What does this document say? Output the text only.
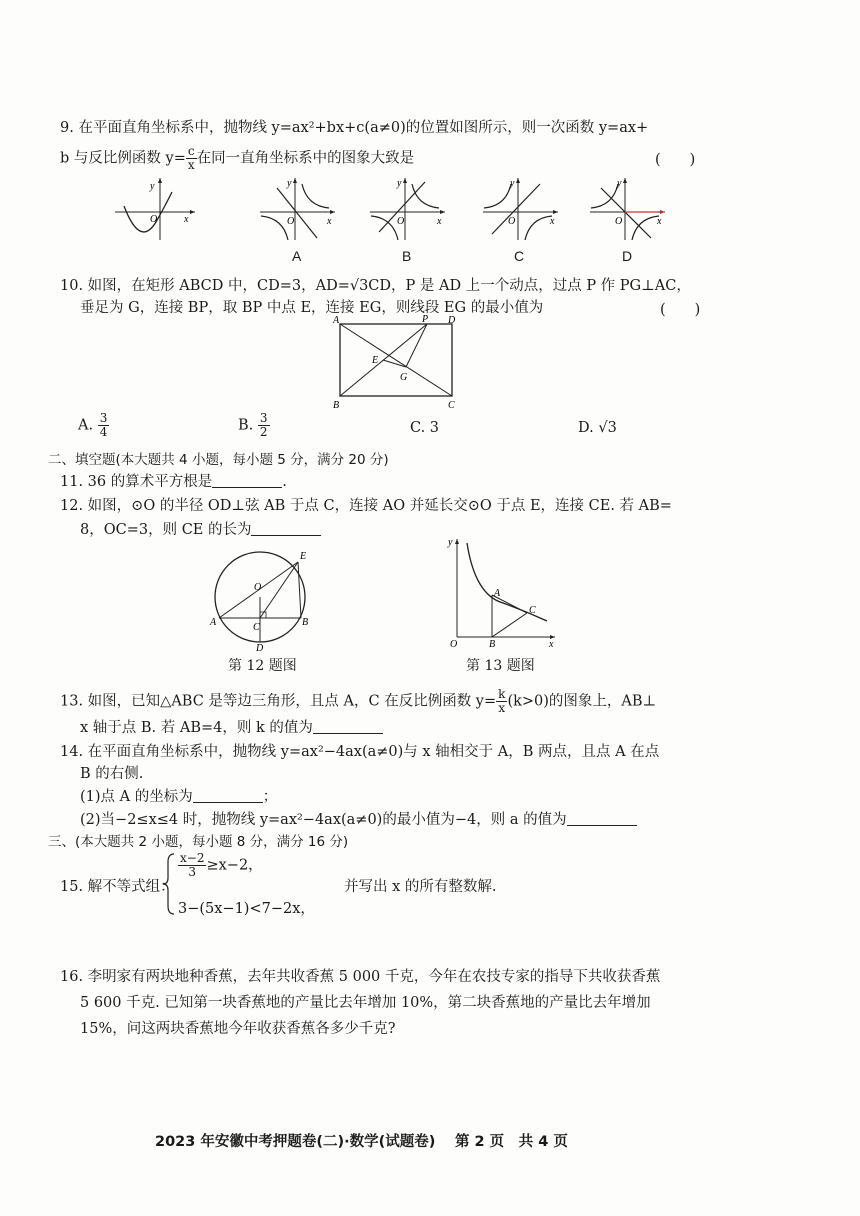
9. 在平面直角坐标系中，抛物线 y=ax²+bx+c(a≠0)的位置如图所示，则一次函数 y=ax+
b 与反比例函数 $y= \frac{c}{x}$ 在同一直角坐标系中的图象大致是	(　　)
y
O	x
y
O	x
A
y
O	x
B
y
O	x
C
y
O	x
D
10. 如图，在矩形 ABCD 中，CD=3，AD=√3CD，P 是 AD 上一个动点，过点 P 作 PG⊥AC，
垂足为 G，连接 BP，取 BP 中点 E，连接 EG，则线段 EG 的最小值为	(　　)
A	P D
B	C
E
G
A. $\frac{3}{4}$	B. $\frac{3}{2}$	C. 3	D. √3
二、填空题(本大题共 4 小题，每小题 5 分，满分 20 分)
11. 36 的算术平方根是	.
12. 如图，⊙O 的半径 OD⊥弦 AB 于点 C，连接 AO 并延长交⊙O 于点 E，连接 CE. 若 AB=
8，OC=3，则 CE 的长为
O
E
A	B
C
D
第 12 题图
y
O	B
A
C
x
第 13 题图
13. 如图，已知△ABC 是等边三角形，且点 A，C 在反比例函数 $y= \frac{k}{x} (k>0)$的图象上，AB⊥
x 轴于点 B. 若 AB=4，则 k 的值为
14. 在平面直角坐标系中，抛物线 y=ax²−4ax(a≠0)与 x 轴相交于 A，B 两点，且点 A 在点
B 的右侧.
(1)点 A 的坐标为	；
(2)当−2≤x≤4 时，抛物线 y=ax²−4ax(a≠0)的最小值为−4，则 a 的值为
三、(本大题共 2 小题，每小题 8 分，满分 16 分)
15. 解不等式组：
$\frac{x-2}{3} \ge x-2$，
3−(5x−1)<7−2x，
并写出 x 的所有整数解.
16. 李明家有两块地种香蕉，去年共收香蕉 5 000 千克，今年在农技专家的指导下共收获香蕉
5 600 千克. 已知第一块香蕉地的产量比去年增加 10%，第二块香蕉地的产量比去年增加
15%，问这两块香蕉地今年收获香蕉各多少千克?
2023 年安徽中考押题卷(二)·数学(试题卷)　 第 2 页　共 4 页
